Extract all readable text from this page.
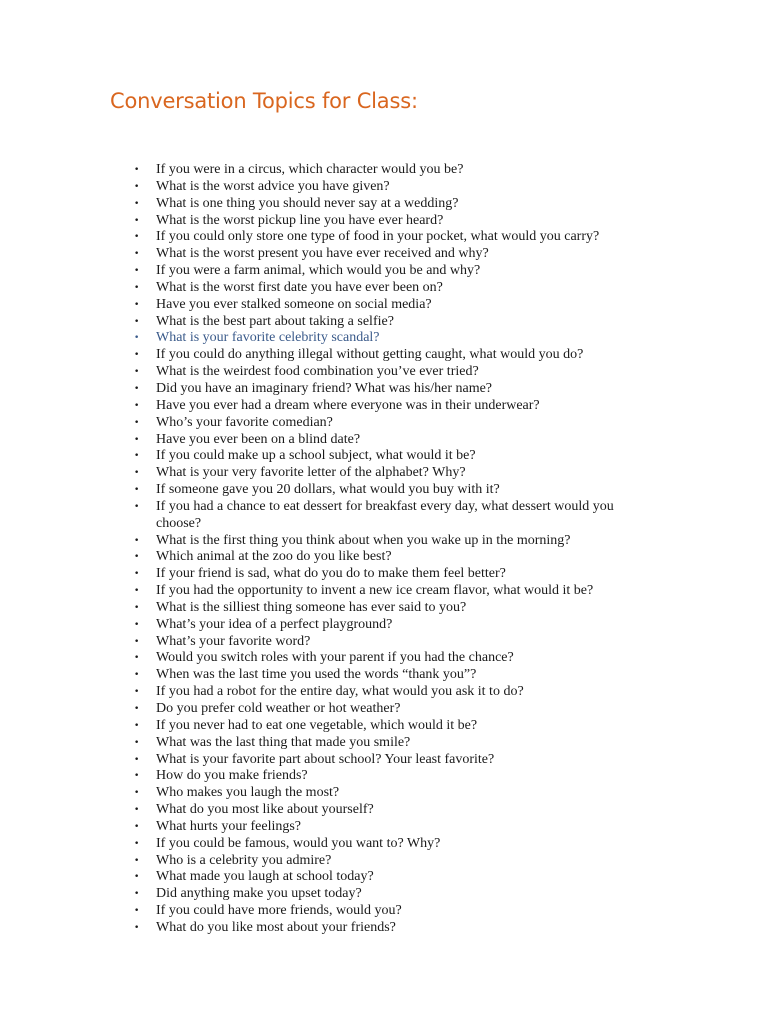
Conversation Topics for Class:
• If you were in a circus, which character would you be?
• What is the worst advice you have given?
• What is one thing you should never say at a wedding?
• What is the worst pickup line you have ever heard?
• If you could only store one type of food in your pocket, what would you carry?
• What is the worst present you have ever received and why?
• If you were a farm animal, which would you be and why?
• What is the worst first date you have ever been on?
• Have you ever stalked someone on social media?
• What is the best part about taking a selfie?
• What is your favorite celebrity scandal?
• If you could do anything illegal without getting caught, what would you do?
• What is the weirdest food combination you’ve ever tried?
• Did you have an imaginary friend? What was his/her name?
• Have you ever had a dream where everyone was in their underwear?
• Who’s your favorite comedian?
• Have you ever been on a blind date?
• If you could make up a school subject, what would it be?
• What is your very favorite letter of the alphabet? Why?
• If someone gave you 20 dollars, what would you buy with it?
• If you had a chance to eat dessert for breakfast every day, what dessert would you choose?
• What is the first thing you think about when you wake up in the morning?
• Which animal at the zoo do you like best?
• If your friend is sad, what do you do to make them feel better?
• If you had the opportunity to invent a new ice cream flavor, what would it be?
• What is the silliest thing someone has ever said to you?
• What’s your idea of a perfect playground?
• What’s your favorite word?
• Would you switch roles with your parent if you had the chance?
• When was the last time you used the words “thank you”?
• If you had a robot for the entire day, what would you ask it to do?
• Do you prefer cold weather or hot weather?
• If you never had to eat one vegetable, which would it be?
• What was the last thing that made you smile?
• What is your favorite part about school? Your least favorite?
• How do you make friends?
• Who makes you laugh the most?
• What do you most like about yourself?
• What hurts your feelings?
• If you could be famous, would you want to? Why?
• Who is a celebrity you admire?
• What made you laugh at school today?
• Did anything make you upset today?
• If you could have more friends, would you?
• What do you like most about your friends?
